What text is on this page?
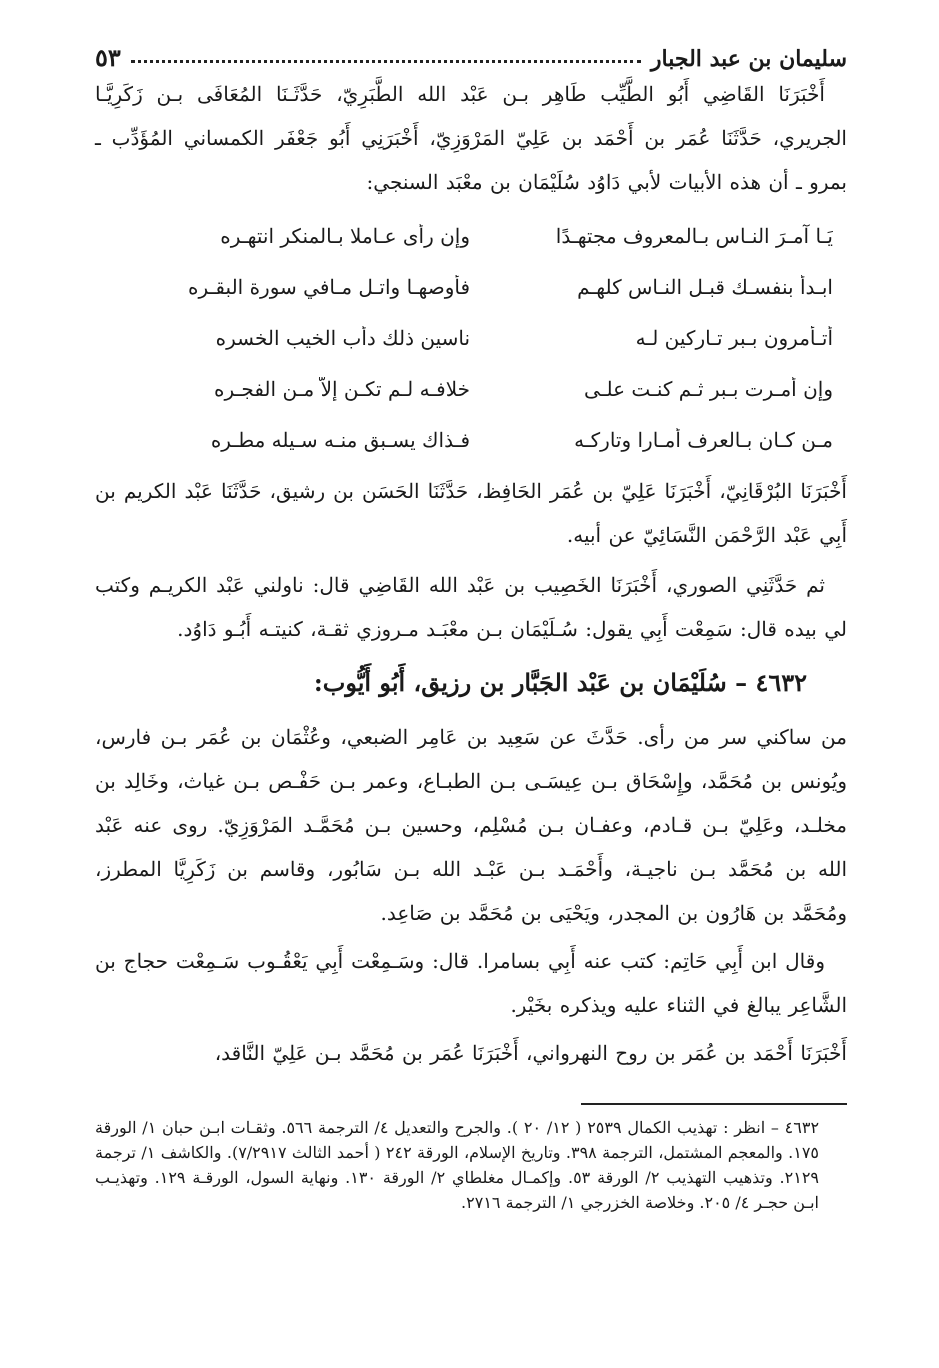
سليمان بن عبد الجبار
٥٣

أَخْبَرَنَا القَاضِي أَبُو الطَّيِّب طَاهِر بـن عَبْد الله الطَّبَرِيّ، حَدَّثَـنَا المُعَافَى بـن زَكَرِيَّـا الجريري، حَدَّثَنَا عُمَر بن أَحْمَد بن عَلِيّ المَرْوَزِيّ، أَخْبَرَنِي أَبُو جَعْفَر الكمساني المُؤَدِّب ـ بمرو ـ أن هذه الأبيات لأبي دَاوُد سُلَيْمَان بن معْبَد السنجي:

يَـا آمـرَ النـاس بـالمعروف مجتهـدًا
وإن رأى عـاملا بـالمنكر انتهـره
ابـدأ بنفسـك قبـل النـاس كلهـم
فأوصهـا واتـل مـافي سورة البقـره
أتـأمرون بـبر تـاركين لـه
ناسين ذلك دأب الخيب الخسره
وإن أمـرت بـبر ثـم كنـت علـى
خلافـه لـم تكـن إلاّ مـن الفجـره
مـن كـان بـالعرف أمـارا وتاركـه
فـذاك يسـبق منـه سـيله مطـره

أَخْبَرَنَا البُرْقَانِيّ، أَخْبَرَنَا عَلِيّ بن عُمَر الحَافِظ، حَدَّثَنَا الحَسَن بن رشيق، حَدَّثَنَا عَبْد الكريم بن أَبِي عَبْد الرَّحْمَن النَّسَائِيّ عن أبيه.

ثم حَدَّثَنِي الصوري، أَخْبَرَنَا الخَصِيب بن عَبْد الله القَاضِي قال: ناولني عَبْد الكريـم وكتب لي بيده قال: سَمِعْت أَبِي يقول: سُـلَيْمَان بـن معْبَـد مـروزي ثقـة، كنيتـه أَبُـو دَاوُد.

٤٦٣٢ – سُلَيْمَان بن عَبْد الجَبَّار بن رزيق، أَبُو أَيُّوب:

من ساكني سر من رأى. حَدَّثَ عن سَعِيد بن عَامِر الضبعي، وعُثْمَان بن عُمَر بـن فارس، ويُونس بن مُحَمَّد، وإِسْحَاق بـن عِيسَـى بـن الطبـاع، وعمر بـن حَفْـص بـن غياث، وخَالِد بن مخلـد، وعَلِيّ بـن قـادم، وعفـان بـن مُسْلِم، وحسين بـن مُحَمَّـد المَرْوَزِيّ. روى عنه عَبْد الله بن مُحَمَّد بـن ناجيـة، وأَحْمَـد بـن عَبْـد الله بـن سَابُور، وقاسم بن زَكَرِيَّا المطرز، ومُحَمَّد بن هَارُون بن المجدر، ويَحْيَى بن مُحَمَّد بن صَاعِد.

وقال ابن أَبِي حَاتِم: كتب عنه أَبِي بسامرا. قال: وسَـمِعْت أَبِي يَعْقُـوب سَـمِعْت حجاج بن الشَّاعِر يبالغ في الثناء عليه ويذكره بخَيْر.

أَخْبَرَنَا أَحْمَد بن عُمَر بن روح النهرواني، أَخْبَرَنَا عُمَر بن مُحَمَّد بـن عَلِيّ النَّاقد،

٤٦٣٢ – انظر : تهذيب الكمال ٢٥٣٩ ( ١٢/ ٢٠ ). والجرح والتعديل ٤/ الترجمة ٥٦٦. وثقـات ابـن حبان ١/ الورقة ١٧٥. والمعجم المشتمل، الترجمة ٣٩٨. وتاريخ الإسلام، الورقة ٢٤٢ ( أحمد الثالث ٧/٢٩١٧). والكاشف ١/ ترجمة ٢١٢٩. وتذهيب التهذيب ٢/ الورقة ٥٣. وإكمـال مغلطاي ٢/ الورقة ١٣٠. ونهاية السول، الورقـة ١٢٩. وتهذيـب ابـن حجـر ٤/ ٢٠٥. وخلاصة الخزرجي ١/ الترجمة ٢٧١٦.
